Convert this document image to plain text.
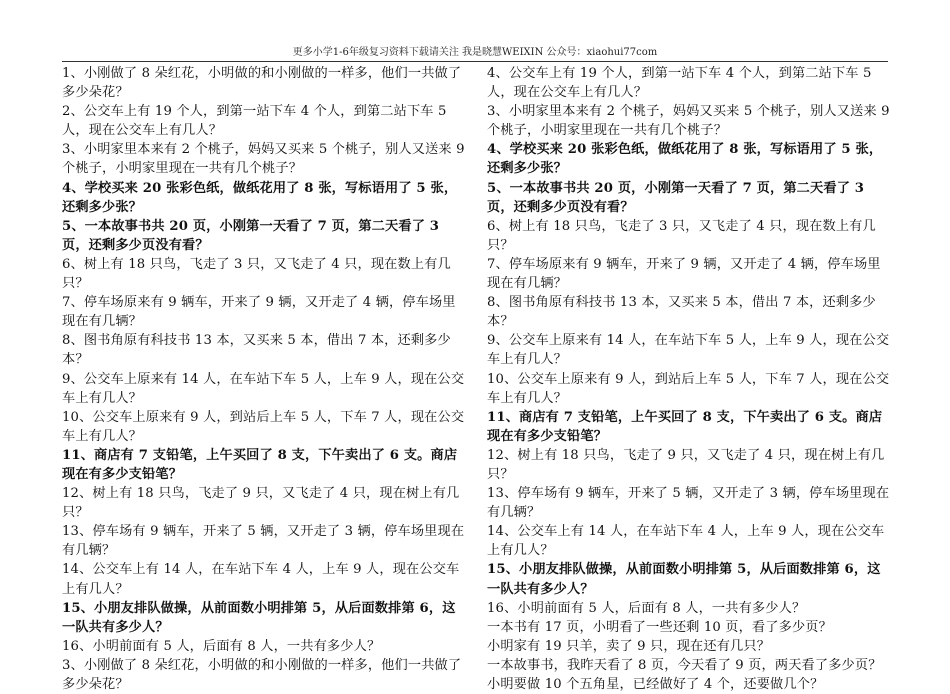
更多小学1-6年级复习资料下载请关注 我是晓慧WEIXIN 公众号：xiaohui77com

1、小刚做了 8 朵红花，小明做的和小刚做的一样多，他们一共做了多少朵花？

2、公交车上有 19 个人，到第一站下车 4 个人，到第二站下车 5 人，现在公交车上有几人？

3、小明家里本来有 2 个桃子，妈妈又买来 5 个桃子，别人又送来 9 个桃子，小明家里现在一共有几个桃子？

4、学校买来 20 张彩色纸，做纸花用了 8 张，写标语用了 5 张，还剩多少张？

5、一本故事书共 20 页，小刚第一天看了 7 页，第二天看了 3 页，还剩多少页没有看？

6、树上有 18 只鸟，飞走了 3 只，又飞走了 4 只，现在数上有几只？

7、停车场原来有 9 辆车，开来了 9 辆，又开走了 4 辆，停车场里现在有几辆？

8、图书角原有科技书 13 本，又买来 5 本，借出 7 本，还剩多少本？

9、公交车上原来有 14 人，在车站下车 5 人，上车 9 人，现在公交车上有几人？

10、公交车上原来有 9 人，到站后上车 5 人，下车 7 人，现在公交车上有几人？

11、商店有 7 支铅笔，上午买回了 8 支，下午卖出了 6 支。商店现在有多少支铅笔？

12、树上有 18 只鸟，飞走了 9 只，又飞走了 4 只，现在树上有几只？

13、停车场有 9 辆车，开来了 5 辆，又开走了 3 辆，停车场里现在有几辆？

14、公交车上有 14 人，在车站下车 4 人，上车 9 人，现在公交车上有几人？

15、小朋友排队做操，从前面数小明排第 5，从后面数排第 6，这一队共有多少人？

16、小明前面有 5 人，后面有 8 人，一共有多少人？

3、小刚做了 8 朵红花，小明做的和小刚做的一样多，他们一共做了多少朵花？

4、公交车上有 19 个人，到第一站下车 4 个人，到第二站下车 5 人，现在公交车上有几人？

3、小明家里本来有 2 个桃子，妈妈又买来 5 个桃子，别人又送来 9 个桃子，小明家里现在一共有几个桃子？

4、学校买来 20 张彩色纸，做纸花用了 8 张，写标语用了 5 张，还剩多少张？

5、一本故事书共 20 页，小刚第一天看了 7 页，第二天看了 3 页，还剩多少页没有看？

6、树上有 18 只鸟，飞走了 3 只，又飞走了 4 只，现在数上有几只？

7、停车场原来有 9 辆车，开来了 9 辆，又开走了 4 辆，停车场里现在有几辆？

8、图书角原有科技书 13 本，又买来 5 本，借出 7 本，还剩多少本？

9、公交车上原来有 14 人，在车站下车 5 人，上车 9 人，现在公交车上有几人？

10、公交车上原来有 9 人，到站后上车 5 人，下车 7 人，现在公交车上有几人？

11、商店有 7 支铅笔，上午买回了 8 支，下午卖出了 6 支。商店现在有多少支铅笔？

12、树上有 18 只鸟，飞走了 9 只，又飞走了 4 只，现在树上有几只？

13、停车场有 9 辆车，开来了 5 辆，又开走了 3 辆，停车场里现在有几辆？

14、公交车上有 14 人，在车站下车 4 人，上车 9 人，现在公交车上有几人？

15、小朋友排队做操，从前面数小明排第 5，从后面数排第 6，这一队共有多少人？

16、小明前面有 5 人，后面有 8 人，一共有多少人？

一本书有 17 页，小明看了一些还剩 10 页，看了多少页？

小明家有 19 只羊，卖了 9 只，现在还有几只？

一本故事书，我昨天看了 8 页，今天看了 9 页，两天看了多少页？

小明要做 10 个五角星，已经做好了 4 个，还要做几个？
